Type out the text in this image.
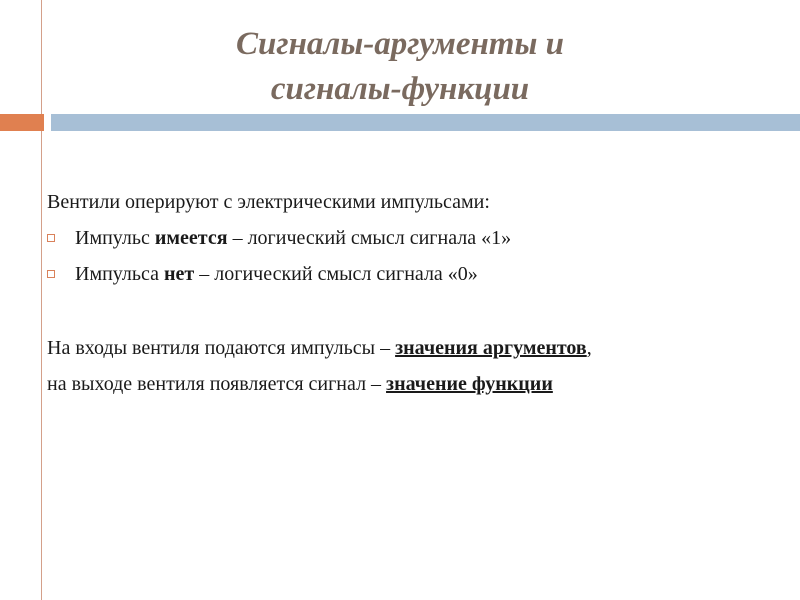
Сигналы-аргументы и
сигналы-функции

Вентили оперируют с электрическими импульсами:

Импульс имеется – логический смысл сигнала «1»
Импульса нет – логический смысл сигнала «0»

На входы вентиля подаются импульсы – значения аргументов,

на выходе вентиля появляется сигнал – значение функции
